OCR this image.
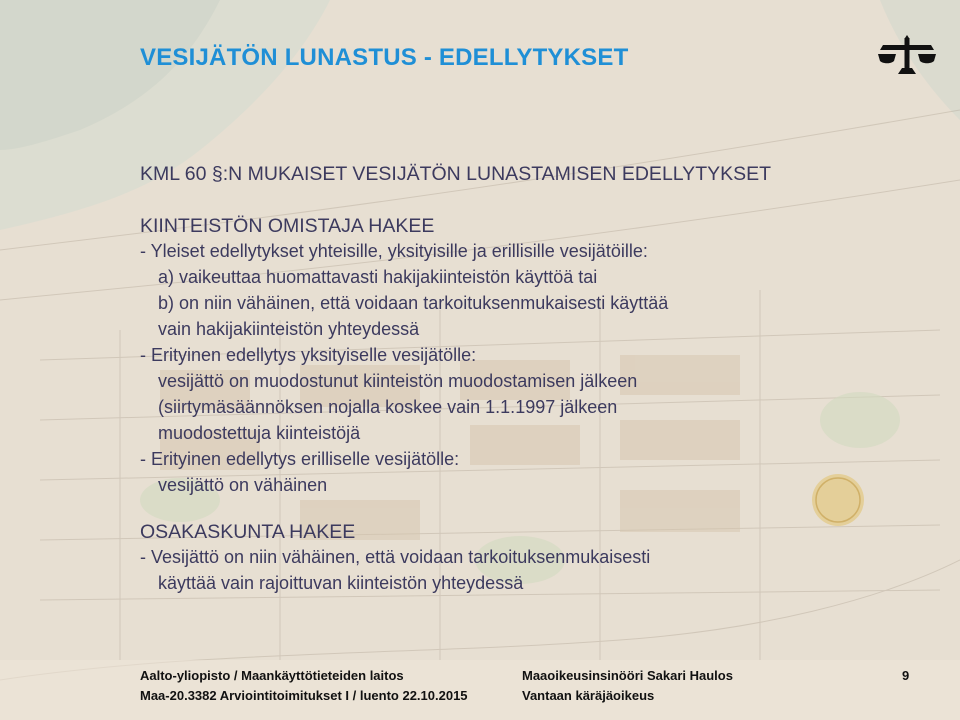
VESIJÄTÖN LUNASTUS - EDELLYTYKSET

KML 60 §:N MUKAISET VESIJÄTÖN LUNASTAMISEN EDELLYTYKSET

KIINTEISTÖN OMISTAJA HAKEE

- Yleiset edellytykset yhteisille, yksityisille ja erillisille vesijätöille:

a) vaikeuttaa huomattavasti hakijakiinteistön käyttöä tai

b) on niin vähäinen, että voidaan tarkoituksenmukaisesti käyttää

vain hakijakiinteistön yhteydessä

- Erityinen edellytys yksityiselle vesijätölle:

vesijättö on muodostunut kiinteistön muodostamisen jälkeen

(siirtymäsäännöksen nojalla koskee vain 1.1.1997 jälkeen

muodostettuja kiinteistöjä

- Erityinen edellytys erilliselle vesijätölle:

vesijättö on vähäinen

OSAKASKUNTA HAKEE

- Vesijättö on niin vähäinen, että voidaan tarkoituksenmukaisesti

käyttää vain rajoittuvan kiinteistön yhteydessä

Aalto-yliopisto / Maankäyttötieteiden laitos
Maa-20.3382 Arviointitoimitukset I / luento 22.10.2015
Maaoikeusinsinööri Sakari Haulos
Vantaan käräjäoikeus
9
